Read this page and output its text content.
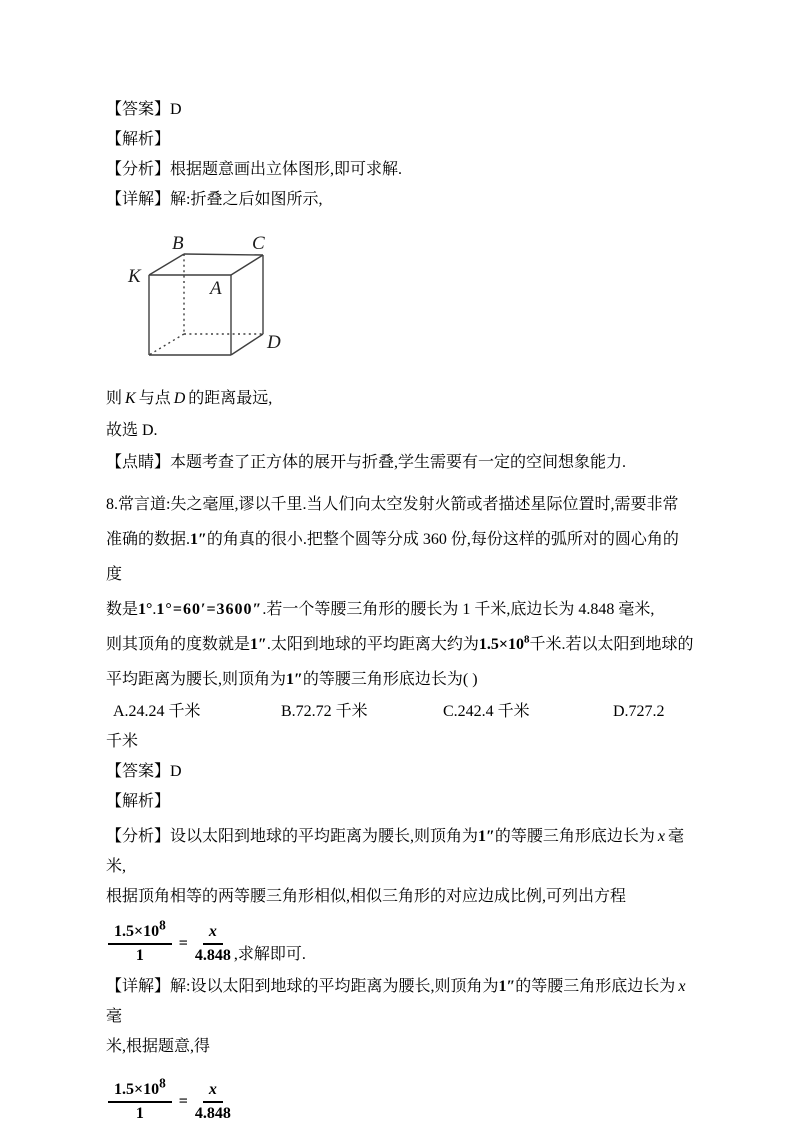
【答案】D

【解析】

【分析】根据题意画出立体图形,即可求解.

【详解】解:折叠之后如图所示,

B	C
K
A
D

则 K 与点 D 的距离最远,

故选 D.

【点睛】本题考查了正方体的展开与折叠,学生需要有一定的空间想象能力.

8.常言道:失之毫厘,谬以千里.当人们向太空发射火箭或者描述星际位置时,需要非常

准确的数据.1″的角真的很小.把整个圆等分成 360 份,每份这样的弧所对的圆心角的度

数是1°.1°=60′=3600″.若一个等腰三角形的腰长为 1 千米,底边长为 4.848 毫米,

则其顶角的度数就是1″.太阳到地球的平均距离大约为$1.5\times 10^8$千米.若以太阳到地球的

平均距离为腰长,则顶角为1″的等腰三角形底边长为( )

A.24.24 千米	B.72.72 千米	C.242.4 千米	D.727.2

千米

【答案】D

【解析】

【分析】设以太阳到地球的平均距离为腰长,则顶角为1″的等腰三角形底边长为 x 毫米,

根据顶角相等的两等腰三角形相似,相似三角形的对应边成比例,可列出方程

$\frac{1.5\times 10^8}{1} = \frac{x}{4.848}$ ,求解即可.

【详解】解:设以太阳到地球的平均距离为腰长,则顶角为1″的等腰三角形底边长为 x毫

米,根据题意,得

$\frac{1.5\times 10^8}{1} = \frac{x}{4.848}$
